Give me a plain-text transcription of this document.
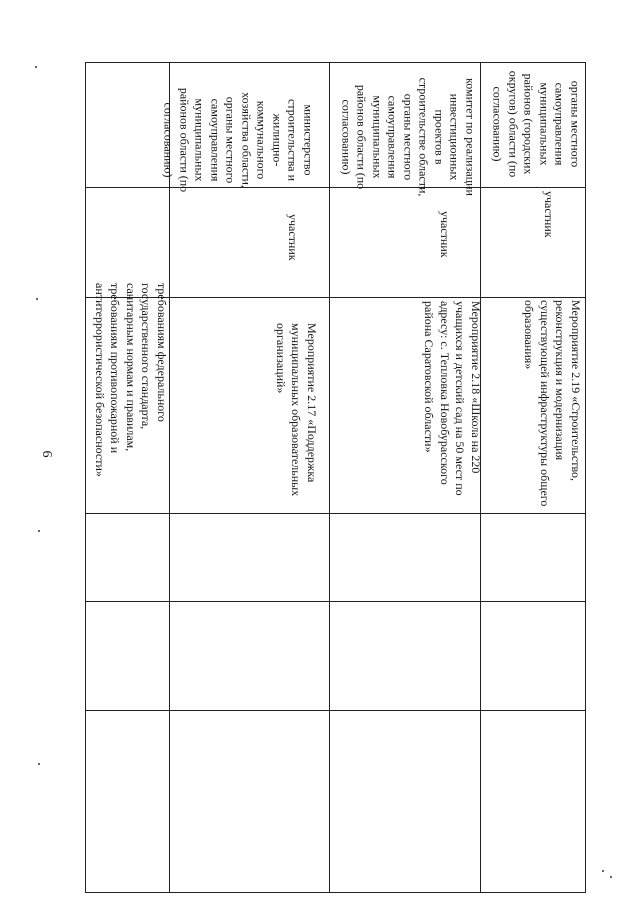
6

требованиям федерального государственного стандарта, санитарным нормам и правилам, требованиям противопожарной и антитеррористической безопасности»	Мероприятие 2.17 «Поддержка муниципальных образовательных организаций»

участник

министерство строительства и жилищно-коммунального хозяйства области, органы местного самоуправления муниципальных районов области (по согласованию)

Мероприятие 2.18 «Школа на 220 учащихся и детский сад на 50 мест по адресу: с. Тепловка Новобурасского района Саратовской области»

участник

комитет по реализации инвестиционных проектов в строительстве области, органы местного самоуправления муниципальных районов области (по согласованию)

Мероприятие 2.19 «Строительство, реконструкция и модернизация существующей инфраструктуры общего образования»

участник

органы местного самоуправления муниципальных районов (городских округов) области (по согласованию)
